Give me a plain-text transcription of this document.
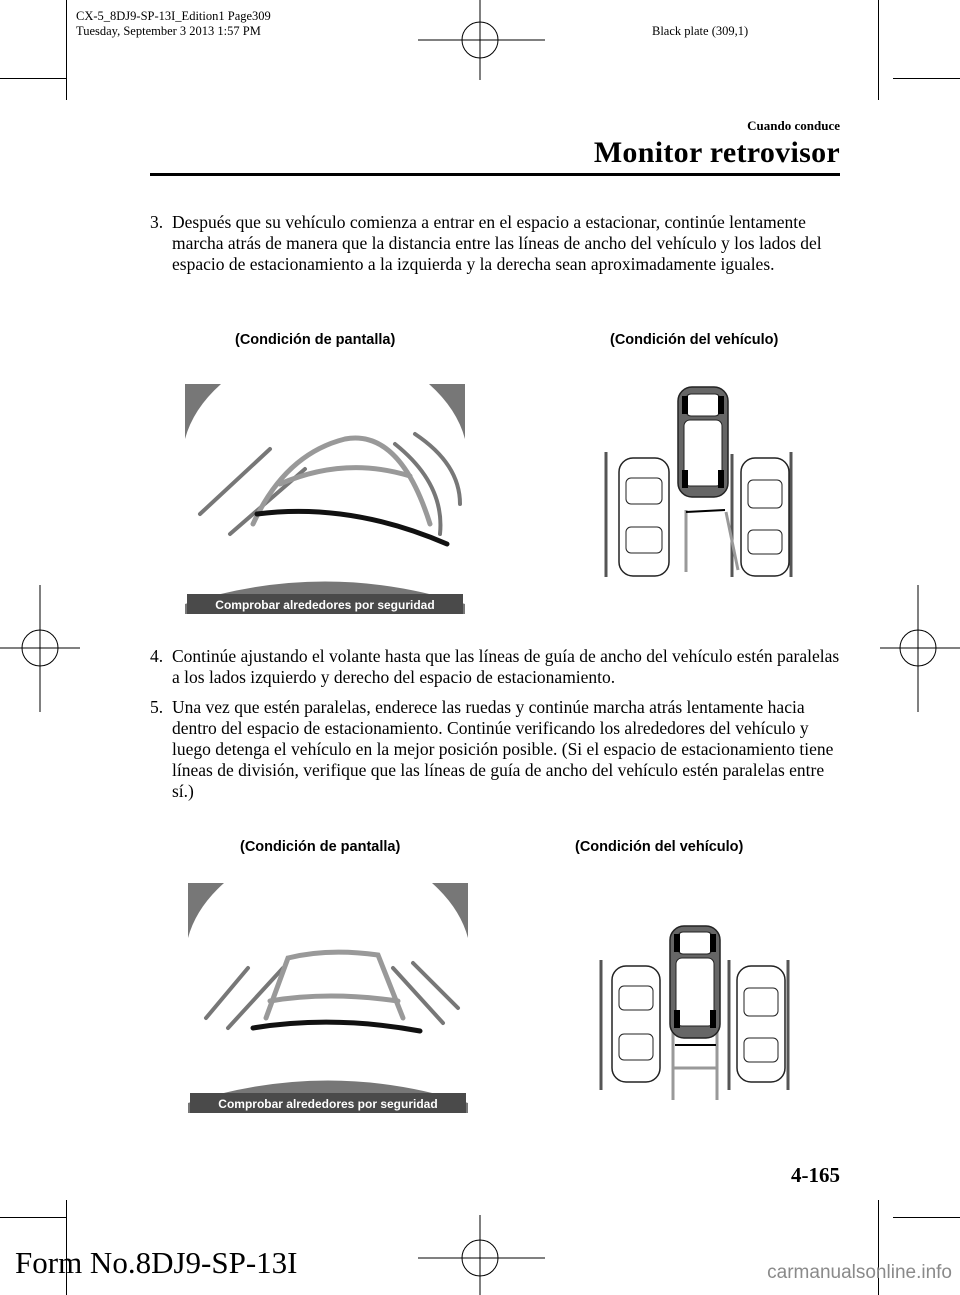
CX-5_8DJ9-SP-13I_Edition1 Page309
Tuesday, September 3 2013 1:57 PM	Black plate (309,1)
Cuando conduce
Monitor retrovisor
3. Después que su vehículo comienza a entrar en el espacio a estacionar, continúe lentamente marcha atrás de manera que la distancia entre las líneas de ancho del vehículo y los lados del espacio de estacionamiento a la izquierda y la derecha sean aproximadamente iguales.
(Condición de pantalla)	(Condición del vehículo)
Comprobar alrededores por seguridad
4. Continúe ajustando el volante hasta que las líneas de guía de ancho del vehículo estén paralelas a los lados izquierdo y derecho del espacio de estacionamiento.
5. Una vez que estén paralelas, enderece las ruedas y continúe marcha atrás lentamente hacia dentro del espacio de estacionamiento. Continúe verificando los alrededores del vehículo y luego detenga el vehículo en la mejor posición posible. (Si el espacio de estacionamiento tiene líneas de división, verifique que las líneas de guía de ancho del vehículo estén paralelas entre sí.)
(Condición de pantalla)	(Condición del vehículo)
Comprobar alrededores por seguridad
4-165
Form No.8DJ9-SP-13I	carmanualsonline.info
